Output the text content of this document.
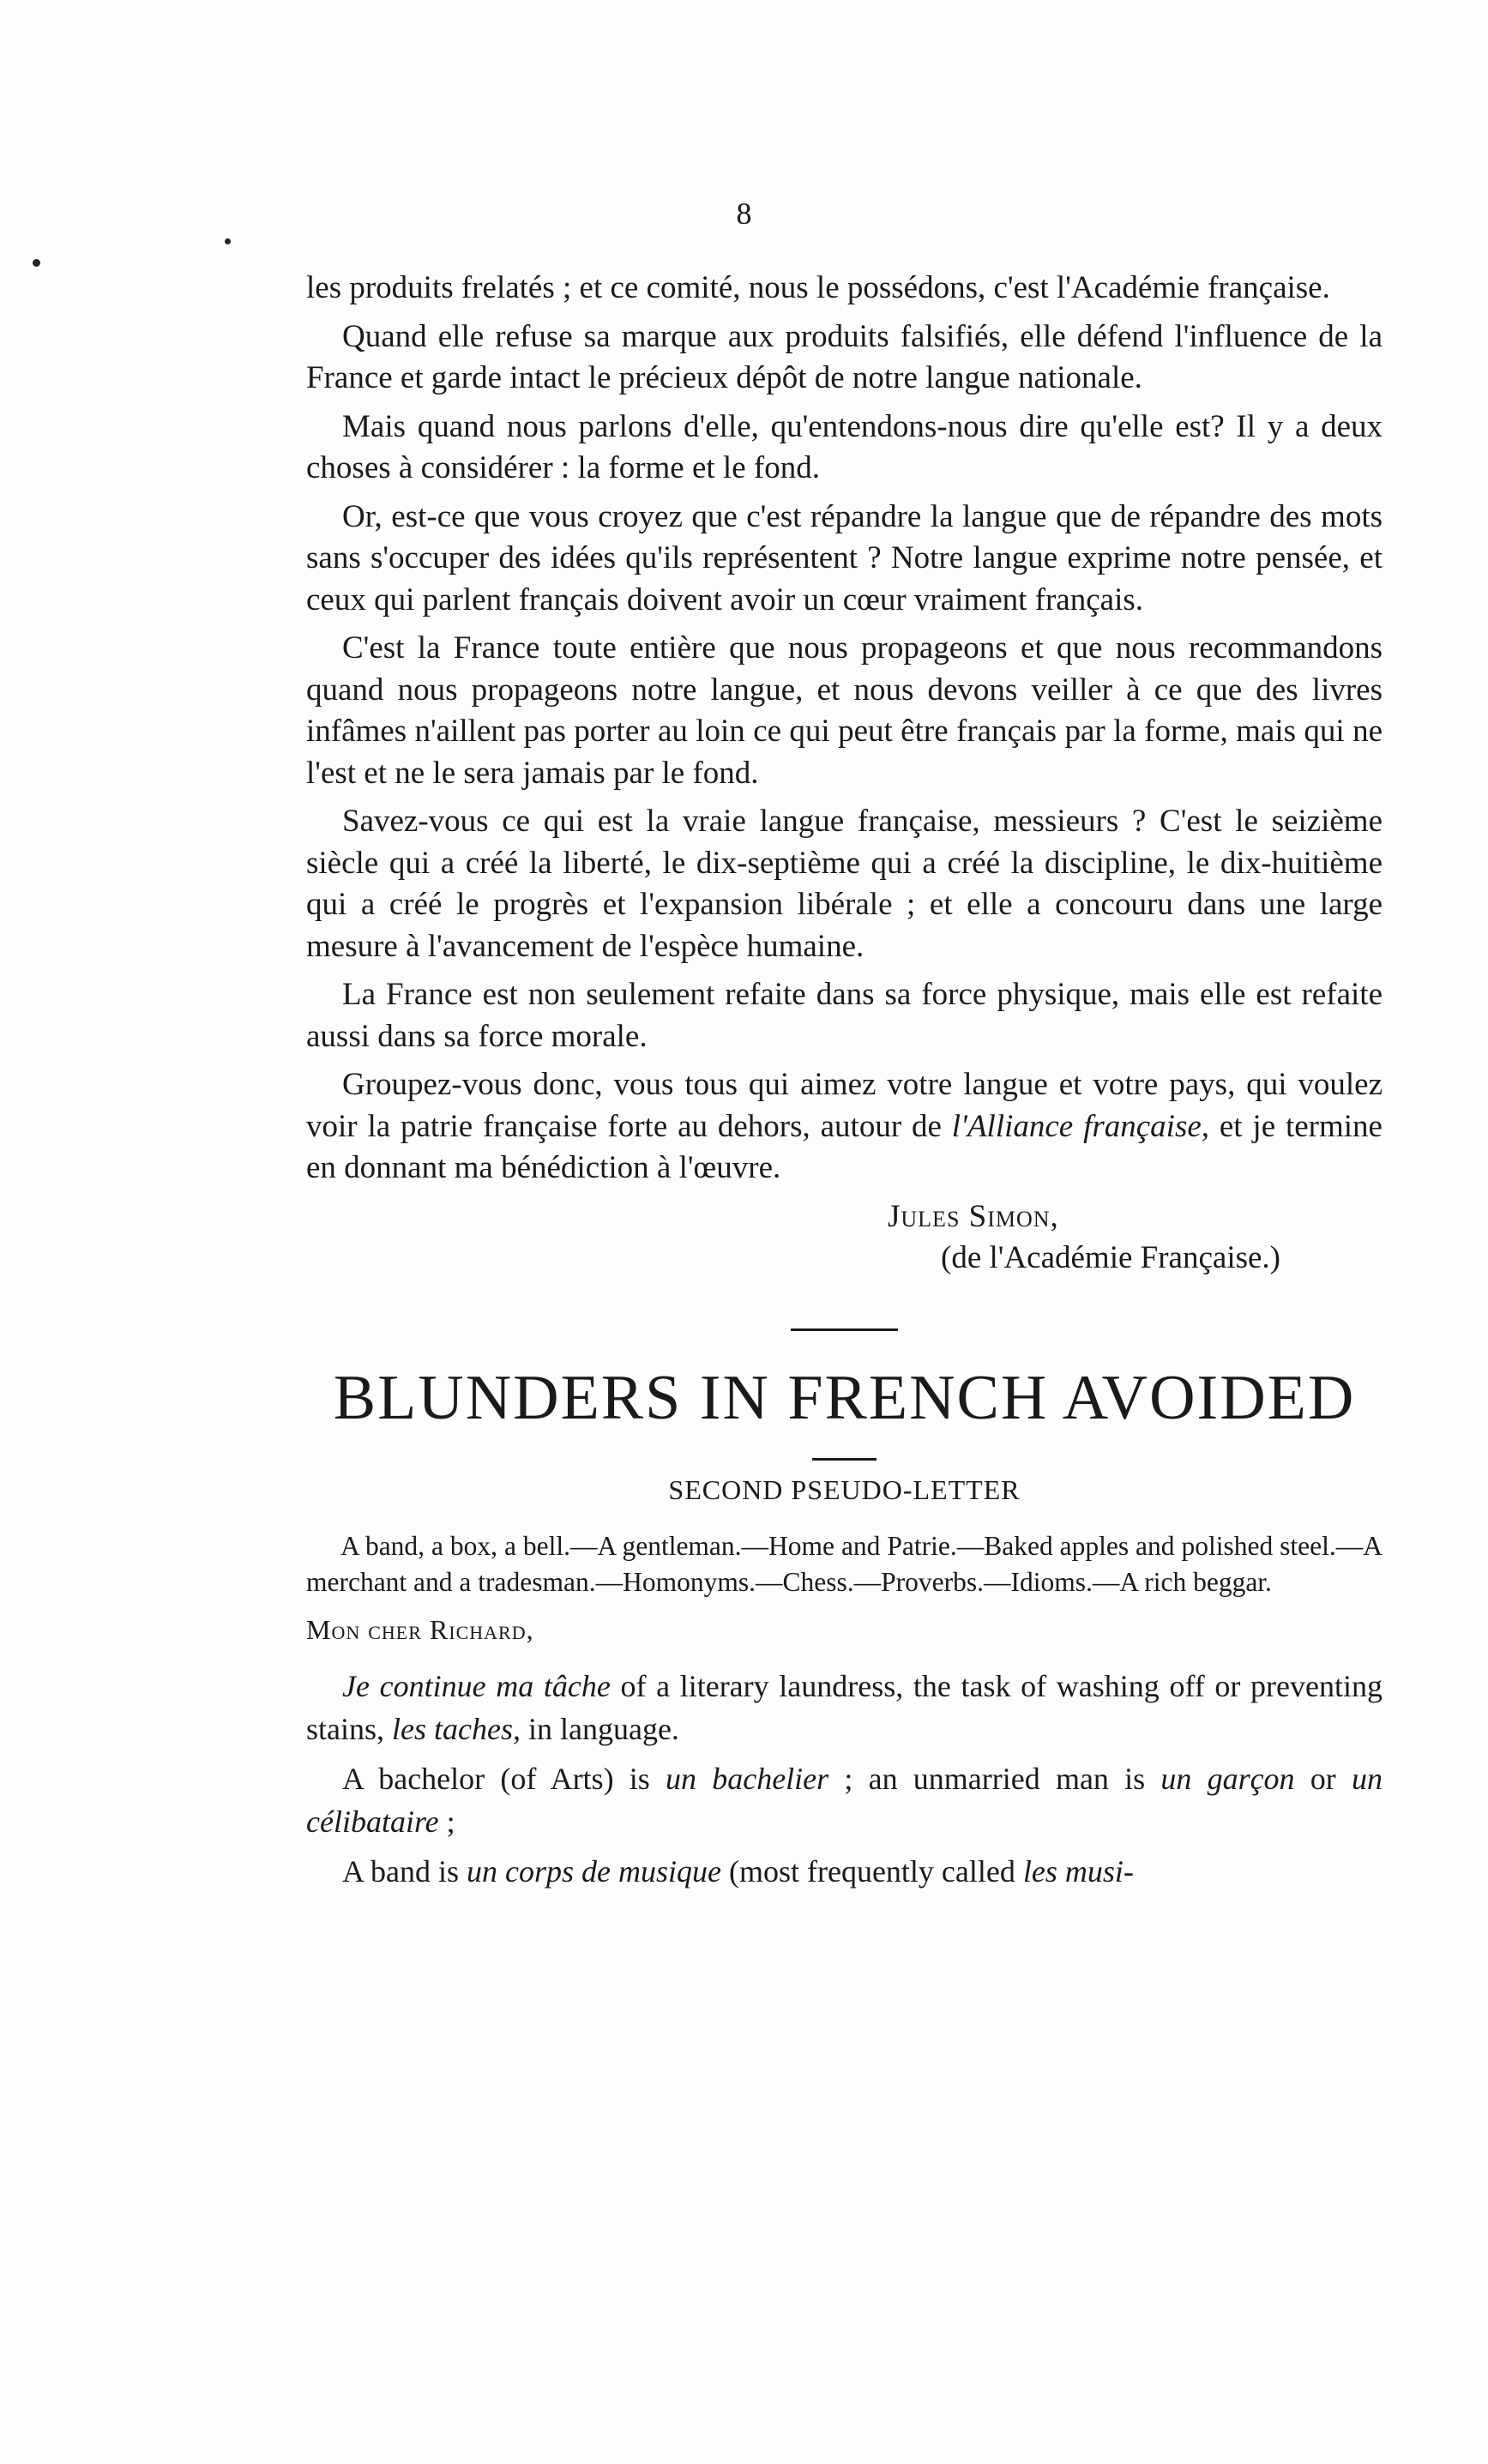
8

les produits frelatés ; et ce comité, nous le possédons, c'est l'Académie française.

Quand elle refuse sa marque aux produits falsifiés, elle défend l'influence de la France et garde intact le précieux dépôt de notre langue nationale.

Mais quand nous parlons d'elle, qu'entendons-nous dire qu'elle est? Il y a deux choses à considérer : la forme et le fond.

Or, est-ce que vous croyez que c'est répandre la langue que de répandre des mots sans s'occuper des idées qu'ils représentent ? Notre langue exprime notre pensée, et ceux qui parlent français doivent avoir un cœur vraiment français.

C'est la France toute entière que nous propageons et que nous recommandons quand nous propageons notre langue, et nous devons veiller à ce que des livres infâmes n'aillent pas porter au loin ce qui peut être français par la forme, mais qui ne l'est et ne le sera jamais par le fond.

Savez-vous ce qui est la vraie langue française, messieurs ? C'est le seizième siècle qui a créé la liberté, le dix-septième qui a créé la discipline, le dix-huitième qui a créé le progrès et l'expansion libérale ; et elle a concouru dans une large mesure à l'avancement de l'espèce humaine.

La France est non seulement refaite dans sa force physique, mais elle est refaite aussi dans sa force morale.

Groupez-vous donc, vous tous qui aimez votre langue et votre pays, qui voulez voir la patrie française forte au dehors, autour de l'Alliance française, et je termine en donnant ma bénédiction à l'œuvre.

Jules Simon,
(de l'Académie Française.)
BLUNDERS IN FRENCH AVOIDED
SECOND PSEUDO-LETTER
A band, a box, a bell.—A gentleman.—Home and Patrie.—Baked apples and polished steel.—A merchant and a tradesman.—Homonyms.—Chess.—Proverbs.—Idioms.—A rich beggar.
Mon cher Richard,

Je continue ma tâche of a literary laundress, the task of washing off or preventing stains, les taches, in language.

A bachelor (of Arts) is un bachelier ; an unmarried man is un garçon or un célibataire ;

A band is un corps de musique (most frequently called les musi-
